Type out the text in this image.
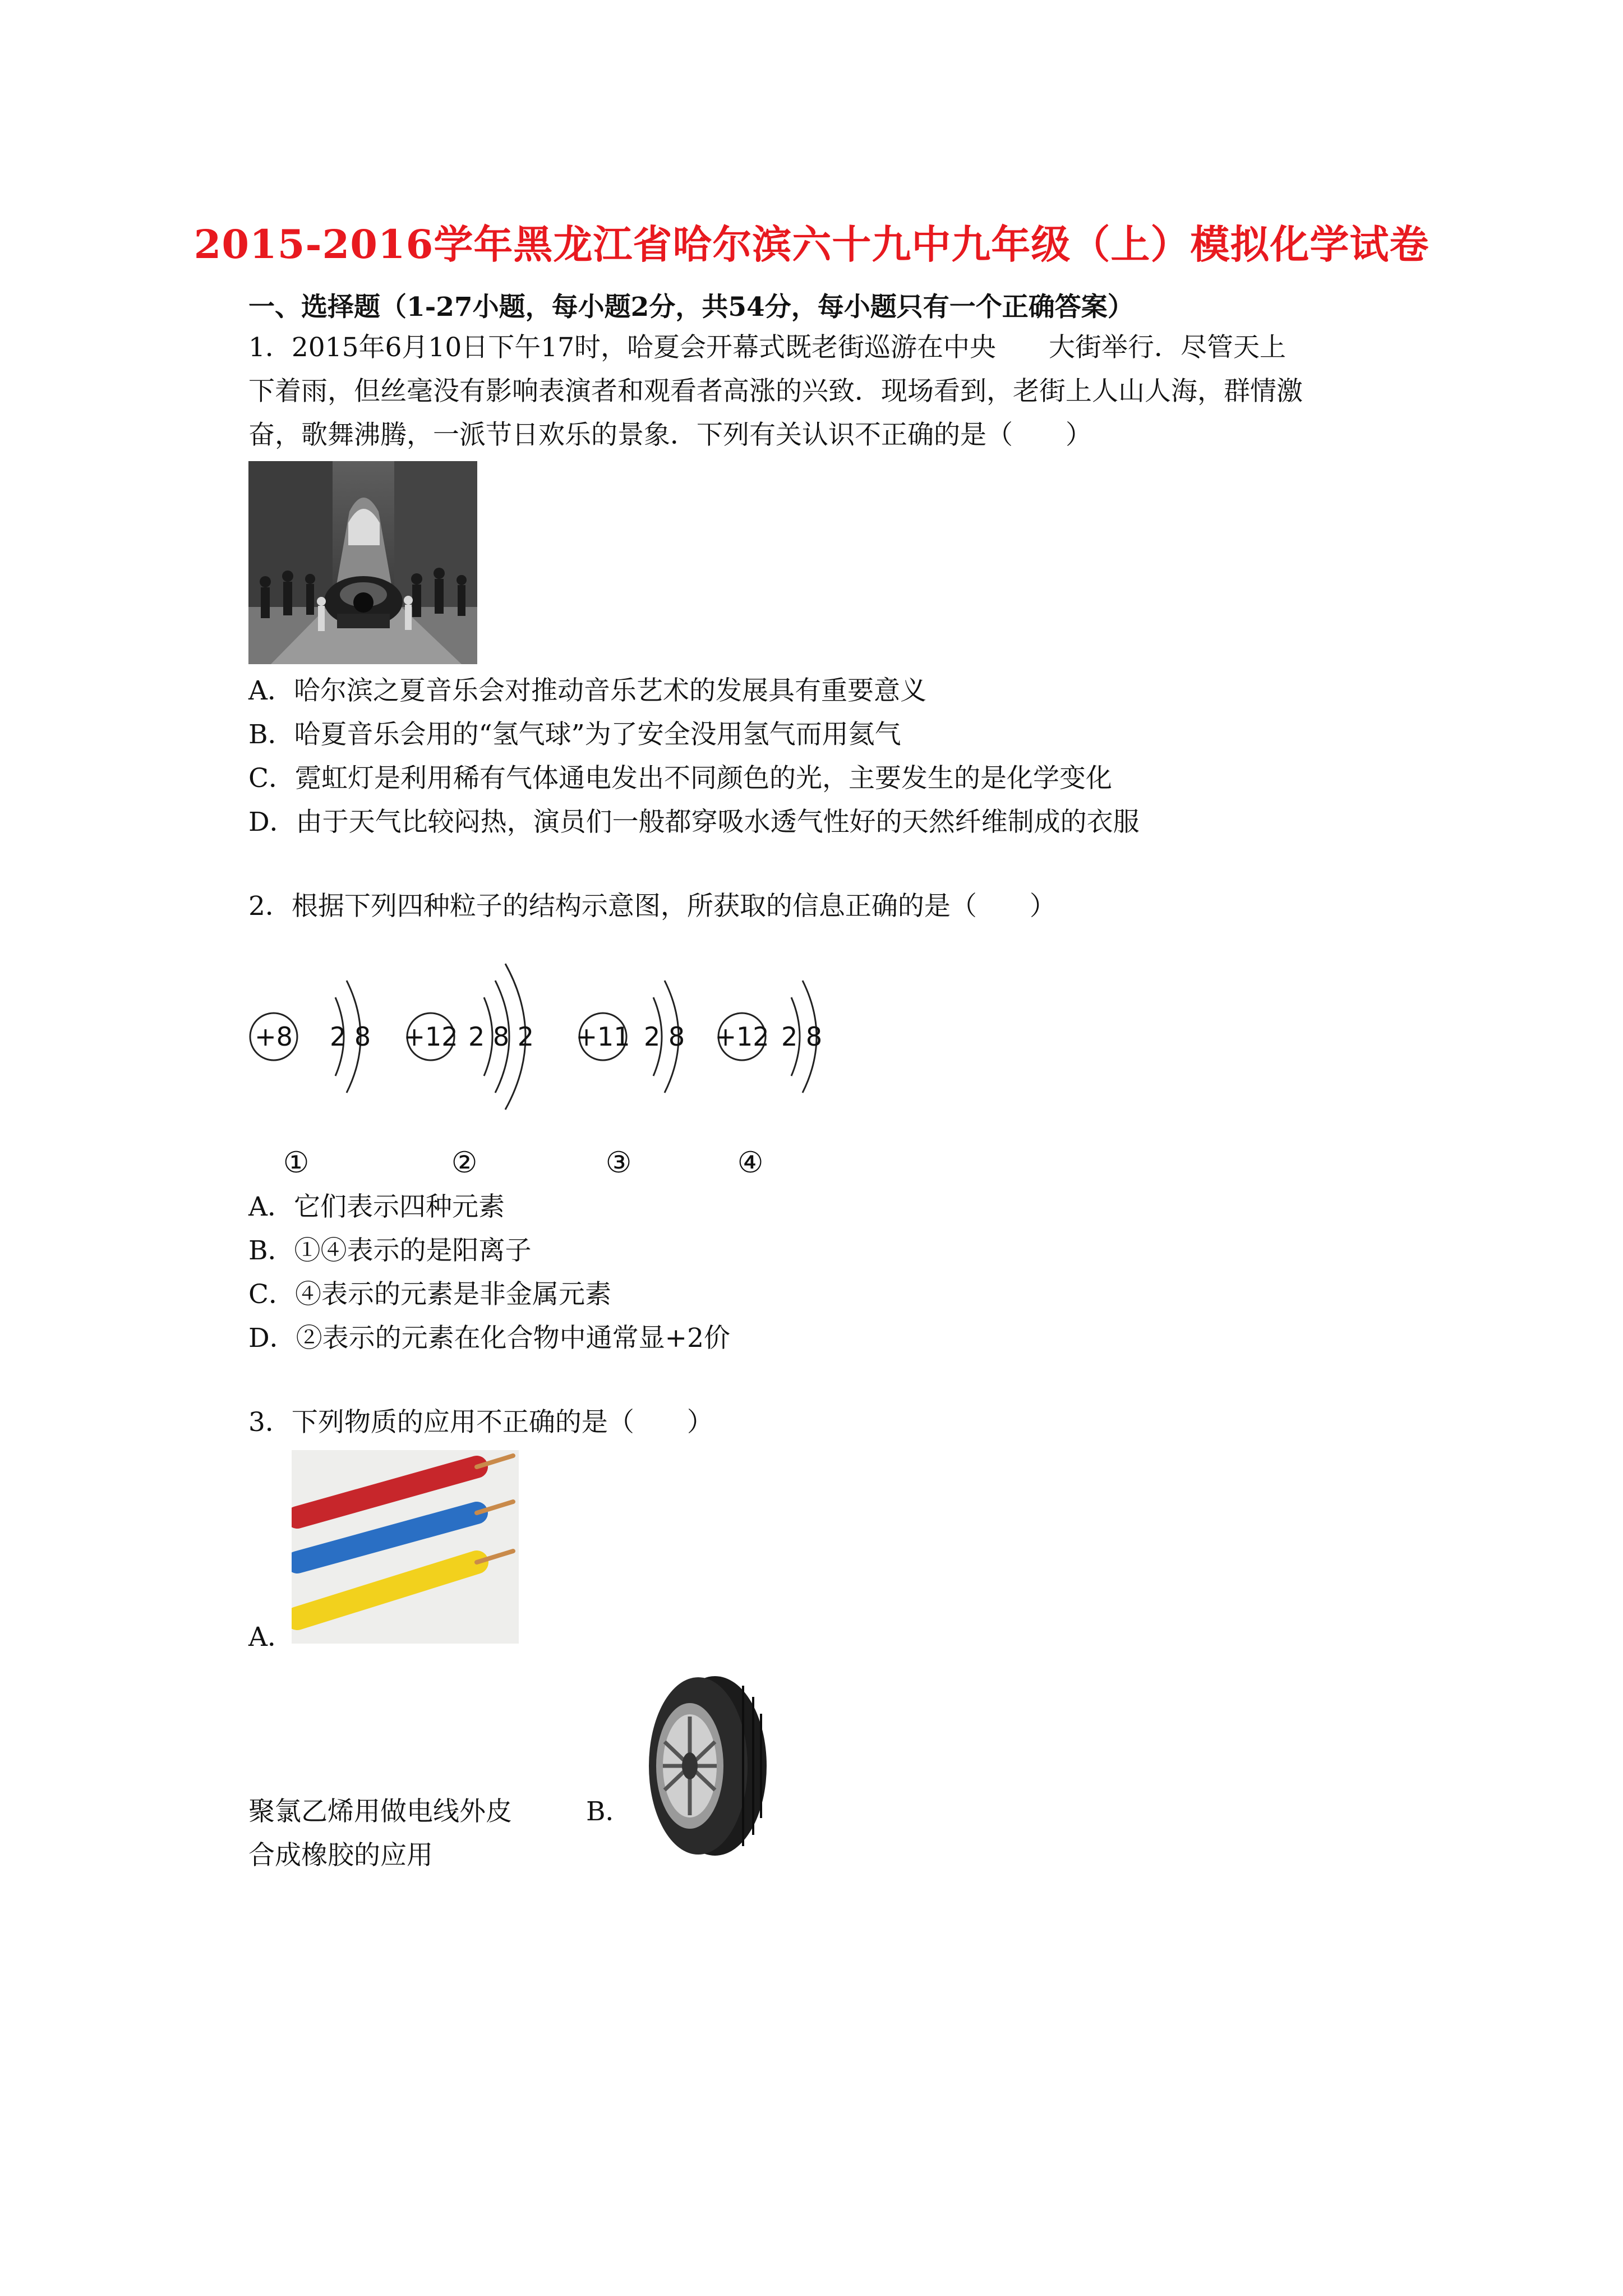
2015-2016学年黑龙江省哈尔滨六十九中九年级（上）模拟化学试卷
一、选择题（1-27小题，每小题2分，共54分，每小题只有一个正确答案）
1．2015年6月10日下午17时，哈夏会开幕式既老街巡游在中央　　大街举行．尽管天上
下着雨，但丝毫没有影响表演者和观看者高涨的兴致．现场看到，老街上人山人海，群情激
奋，歌舞沸腾，一派节日欢乐的景象．下列有关认识不正确的是（　　）
A．哈尔滨之夏音乐会对推动音乐艺术的发展具有重要意义
B．哈夏音乐会用的“氢气球”为了安全没用氢气而用氦气
C．霓虹灯是利用稀有气体通电发出不同颜色的光，主要发生的是化学变化
D．由于天气比较闷热，演员们一般都穿吸水透气性好的天然纤维制成的衣服
2．根据下列四种粒子的结构示意图，所获取的信息正确的是（　　）
+8 2 8 +12 2 8 2 +11 2 8 +12 2 8
①	②	③	④
A．它们表示四种元素
B．①④表示的是阳离子
C．④表示的元素是非金属元素
D．②表示的元素在化合物中通常显+2价
3．下列物质的应用不正确的是（　　）
A．
聚氯乙烯用做电线外皮	B．
合成橡胶的应用
